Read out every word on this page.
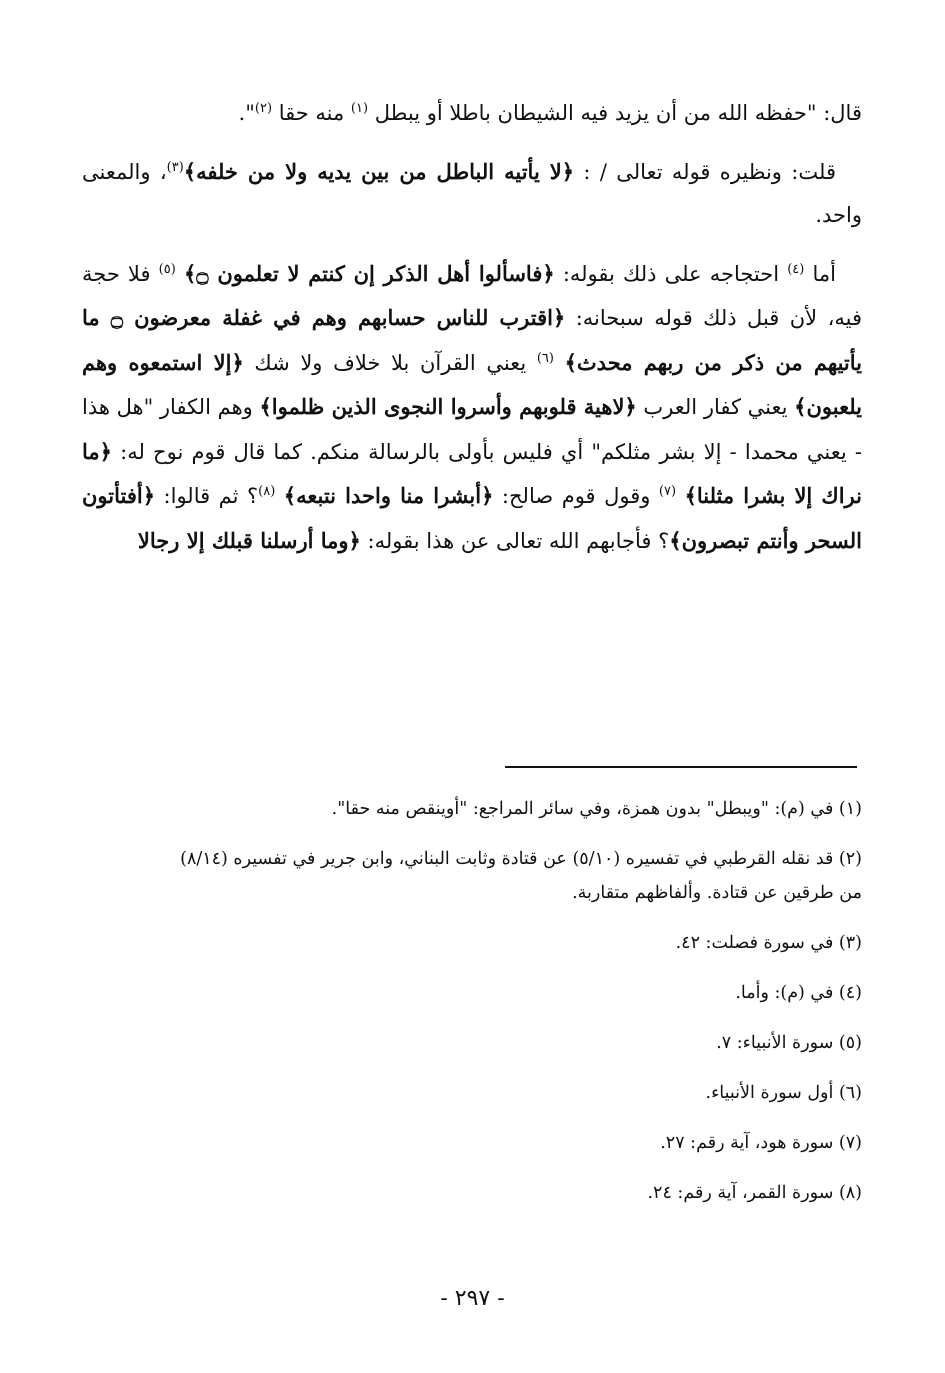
قال: "حفظه الله من أن يزيد فيه الشيطان باطلا أو يبطل $^{(١)}$ منه حقا $^{(٢)}$".

قلت: ونظيره قوله تعالى / : ﴿لا يأتيه الباطل من بين يديه ولا من خلفه﴾$^{(٣)}$، والمعنى واحد.

أما $^{(٤)}$ احتجاجه على ذلك بقوله: ﴿فاسألوا أهل الذكر إن كنتم لا تعلمون ۝﴾ $^{(٥)}$ فلا حجة فيه، لأن قبل ذلك قوله سبحانه: ﴿اقترب للناس حسابهم وهم في غفلة معرضون ۝ ما يأتيهم من ذكر من ربهم محدث﴾ $^{(٦)}$ يعني القرآن بلا خلاف ولا شك ﴿إلا استمعوه وهم يلعبون﴾ يعني كفار العرب ﴿لاهية قلوبهم وأسروا النجوى الذين ظلموا﴾ وهم الكفار "هل هذا - يعني محمدا - إلا بشر مثلكم" أي فليس بأولى بالرسالة منكم. كما قال قوم نوح له: ﴿ما نراك إلا بشرا مثلنا﴾ $^{(٧)}$ وقول قوم صالح: ﴿أبشرا منا واحدا نتبعه﴾ $^{(٨)}$؟ ثم قالوا: ﴿أفتأتون السحر وأنتم تبصرون﴾؟ فأجابهم الله تعالى عن هذا بقوله: ﴿وما أرسلنا قبلك إلا رجالا

(١) في (م): "ويبطل" بدون همزة، وفي سائر المراجع: "أوينقص منه حقا".
(٢) قد نقله القرطبي في تفسيره (٥/١٠) عن قتادة وثابت البناني، وابن جرير في تفسيره (٨/١٤)
من طرقين عن قتادة. وألفاظهم متقاربة.
(٣) في سورة فصلت: ٤٢.
(٤) في (م): وأما.
(٥) سورة الأنبياء: ٧.
(٦) أول سورة الأنبياء.
(٧) سورة هود، آية رقم: ٢٧.
(٨) سورة القمر، آية رقم: ٢٤.
- ٢٩٧ -
